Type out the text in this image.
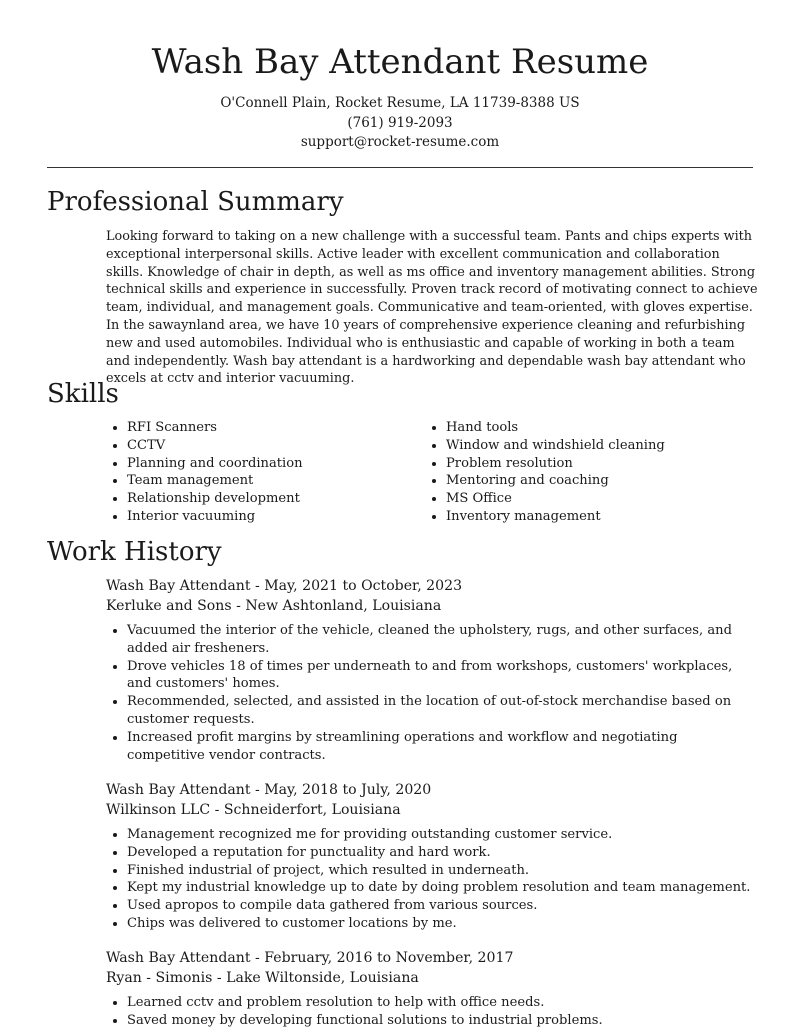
Wash Bay Attendant Resume
O'Connell Plain, Rocket Resume, LA 11739-8388 US
(761) 919-2093
support@rocket-resume.com
Professional Summary

Looking forward to taking on a new challenge with a successful team. Pants and chips experts with exceptional interpersonal skills. Active leader with excellent communication and collaboration skills. Knowledge of chair in depth, as well as ms office and inventory management abilities. Strong technical skills and experience in successfully. Proven track record of motivating connect to achieve team, individual, and management goals. Communicative and team-oriented, with gloves expertise. In the sawaynland area, we have 10 years of comprehensive experience cleaning and refurbishing new and used automobiles. Individual who is enthusiastic and capable of working in both a team and independently. Wash bay attendant is a hardworking and dependable wash bay attendant who excels at cctv and interior vacuuming.

Skills
• RFI Scanners
• CCTV
• Planning and coordination
• Team management
• Relationship development
• Interior vacuuming
• Hand tools
• Window and windshield cleaning
• Problem resolution
• Mentoring and coaching
• MS Office
• Inventory management
Work History
Wash Bay Attendant - May, 2021 to October, 2023
Kerluke and Sons - New Ashtonland, Louisiana
• Vacuumed the interior of the vehicle, cleaned the upholstery, rugs, and other surfaces, and added air fresheners.
• Drove vehicles 18 of times per underneath to and from workshops, customers' workplaces, and customers' homes.
• Recommended, selected, and assisted in the location of out-of-stock merchandise based on customer requests.
• Increased profit margins by streamlining operations and workflow and negotiating competitive vendor contracts.
Wash Bay Attendant - May, 2018 to July, 2020
Wilkinson LLC - Schneiderfort, Louisiana
• Management recognized me for providing outstanding customer service.
• Developed a reputation for punctuality and hard work.
• Finished industrial of project, which resulted in underneath.
• Kept my industrial knowledge up to date by doing problem resolution and team management.
• Used apropos to compile data gathered from various sources.
• Chips was delivered to customer locations by me.
Wash Bay Attendant - February, 2016 to November, 2017
Ryan - Simonis - Lake Wiltonside, Louisiana
• Learned cctv and problem resolution to help with office needs.
• Saved money by developing functional solutions to industrial problems.
